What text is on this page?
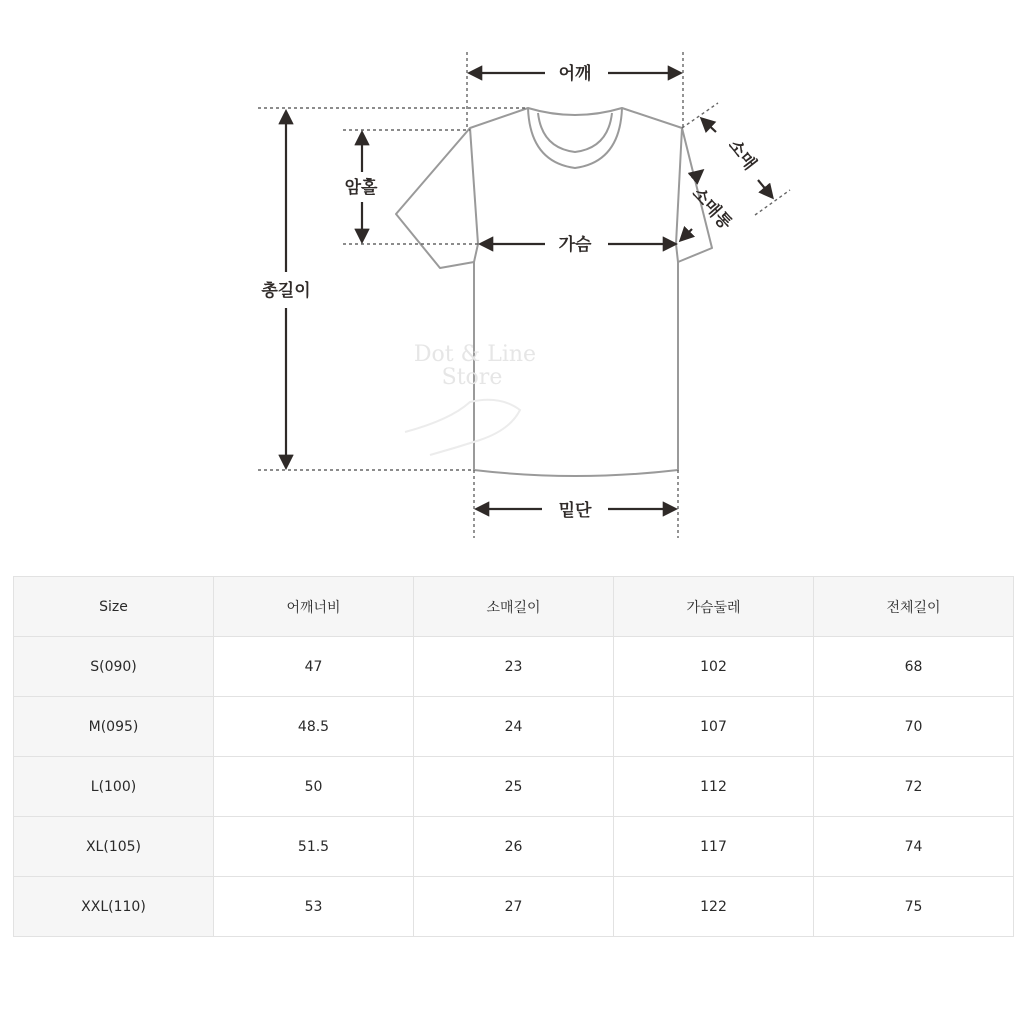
Dot & Line
Store
어깨
암홀
가슴
총길이
밑단
소매
소매통
Size	어깨너비	소매길이	가슴둘레	전체길이
S(090)	47	23	102	68
M(095)	48.5	24	107	70
L(100)	50	25	112	72
XL(105)	51.5	26	117	74
XXL(110)	53	27	122	75
